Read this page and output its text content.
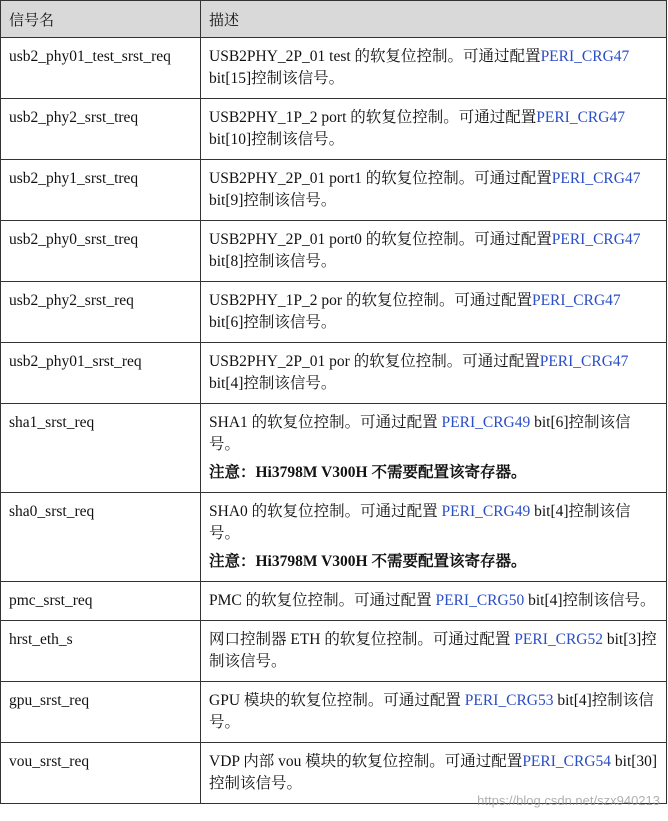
信号名	描述
usb2_phy01_test_srst_req	USB2PHY_2P_01 test 的软复位控制。可通过配置PERI_CRG47 bit[15]控制该信号。
usb2_phy2_srst_treq	USB2PHY_1P_2 port 的软复位控制。可通过配置PERI_CRG47 bit[10]控制该信号。
usb2_phy1_srst_treq	USB2PHY_2P_01 port1 的软复位控制。可通过配置PERI_CRG47 bit[9]控制该信号。
usb2_phy0_srst_treq	USB2PHY_2P_01 port0 的软复位控制。可通过配置PERI_CRG47 bit[8]控制该信号。
usb2_phy2_srst_req	USB2PHY_1P_2 por 的软复位控制。可通过配置PERI_CRG47 bit[6]控制该信号。
usb2_phy01_srst_req	USB2PHY_2P_01 por 的软复位控制。可通过配置PERI_CRG47 bit[4]控制该信号。
sha1_srst_req	SHA1 的软复位控制。可通过配置 PERI_CRG49 bit[6]控制该信号。
注意：Hi3798M V300H 不需要配置该寄存器。

sha0_srst_req	SHA0 的软复位控制。可通过配置 PERI_CRG49 bit[4]控制该信号。
注意：Hi3798M V300H 不需要配置该寄存器。

pmc_srst_req	PMC 的软复位控制。可通过配置 PERI_CRG50 bit[4]控制该信号。
hrst_eth_s	网口控制器 ETH 的软复位控制。可通过配置 PERI_CRG52 bit[3]控制该信号。
gpu_srst_req	GPU 模块的软复位控制。可通过配置 PERI_CRG53 bit[4]控制该信号。
vou_srst_req	VDP 内部 vou 模块的软复位控制。可通过配置PERI_CRG54 bit[30]控制该信号。
https://blog.csdn.net/szx940213
